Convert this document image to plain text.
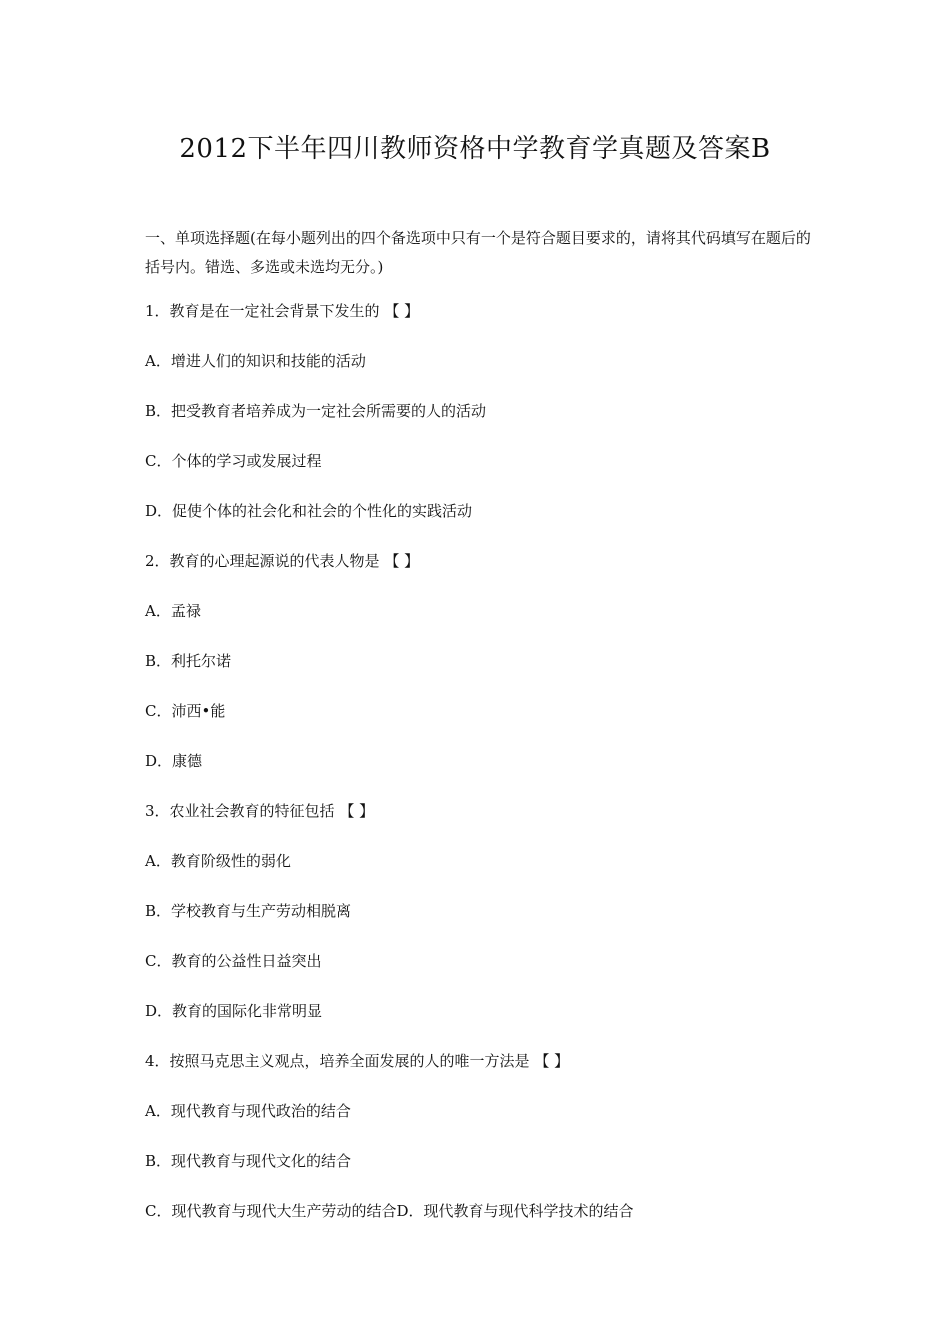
2012下半年四川教师资格中学教育学真题及答案B
一、单项选择题(在每小题列出的四个备选项中只有一个是符合题目要求的，请将其代码填写在题后的括号内。错选、多选或未选均无分。)
1．教育是在一定社会背景下发生的 【 】
A．增进人们的知识和技能的活动
B．把受教育者培养成为一定社会所需要的人的活动
C．个体的学习或发展过程
D．促使个体的社会化和社会的个性化的实践活动
2．教育的心理起源说的代表人物是 【 】
A．孟禄
B．利托尔诺
C．沛西•能
D．康德
3．农业社会教育的特征包括 【 】
A．教育阶级性的弱化
B．学校教育与生产劳动相脱离
C．教育的公益性日益突出
D．教育的国际化非常明显
4．按照马克思主义观点，培养全面发展的人的唯一方法是 【 】
A．现代教育与现代政治的结合
B．现代教育与现代文化的结合
C．现代教育与现代大生产劳动的结合D．现代教育与现代科学技术的结合
